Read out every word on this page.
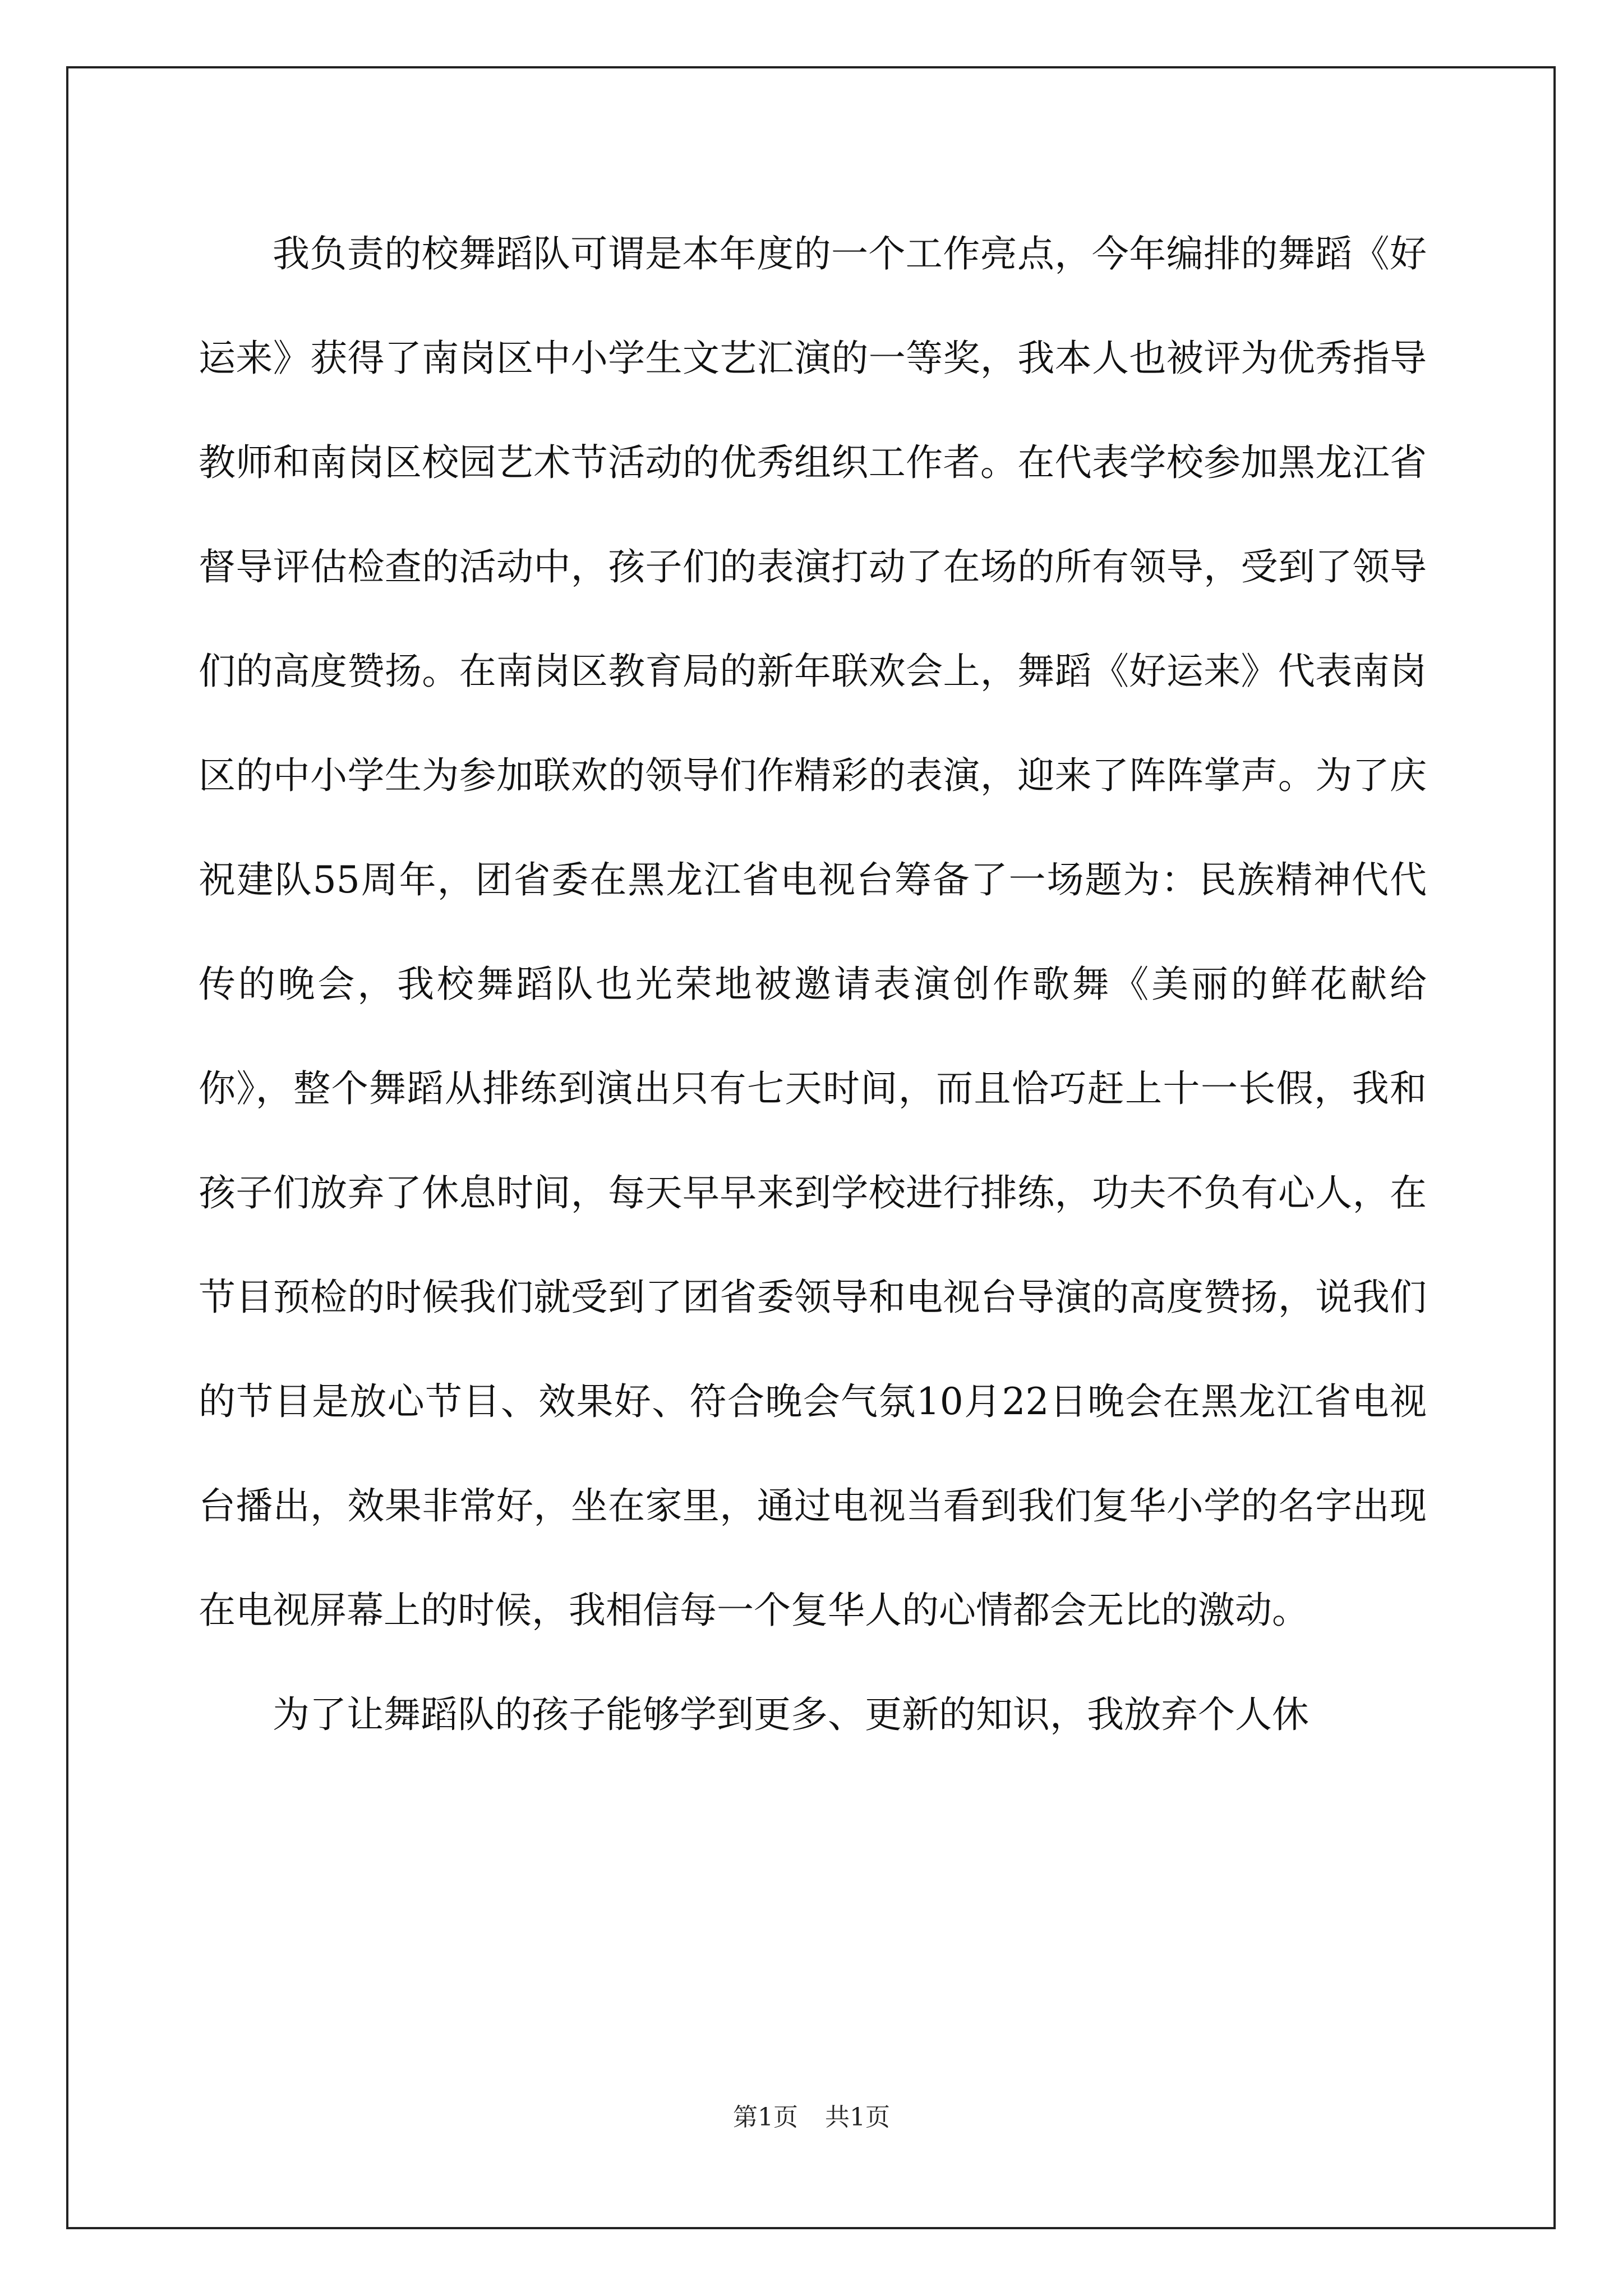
我负责的校舞蹈队可谓是本年度的一个工作亮点，今年编排的舞蹈《好运来》获得了南岗区中小学生文艺汇演的一等奖，我本人也被评为优秀指导教师和南岗区校园艺术节活动的优秀组织工作者。在代表学校参加黑龙江省督导评估检查的活动中，孩子们的表演打动了在场的所有领导，受到了领导们的高度赞扬。在南岗区教育局的新年联欢会上，舞蹈《好运来》代表南岗区的中小学生为参加联欢的领导们作精彩的表演，迎来了阵阵掌声。为了庆祝建队55周年，团省委在黑龙江省电视台筹备了一场题为：民族精神代代传的晚会，我校舞蹈队也光荣地被邀请表演创作歌舞《美丽的鲜花献给你》，整个舞蹈从排练到演出只有七天时间，而且恰巧赶上十一长假，我和孩子们放弃了休息时间，每天早早来到学校进行排练，功夫不负有心人，在节目预检的时候我们就受到了团省委领导和电视台导演的高度赞扬，说我们的节目是放心节目、效果好、符合晚会气氛10月22日晚会在黑龙江省电视台播出，效果非常好，坐在家里，通过电视当看到我们复华小学的名字出现在电视屏幕上的时候，我相信每一个复华人的心情都会无比的激动。

为了让舞蹈队的孩子能够学到更多、更新的知识，我放弃个人休

第1页 共1页
